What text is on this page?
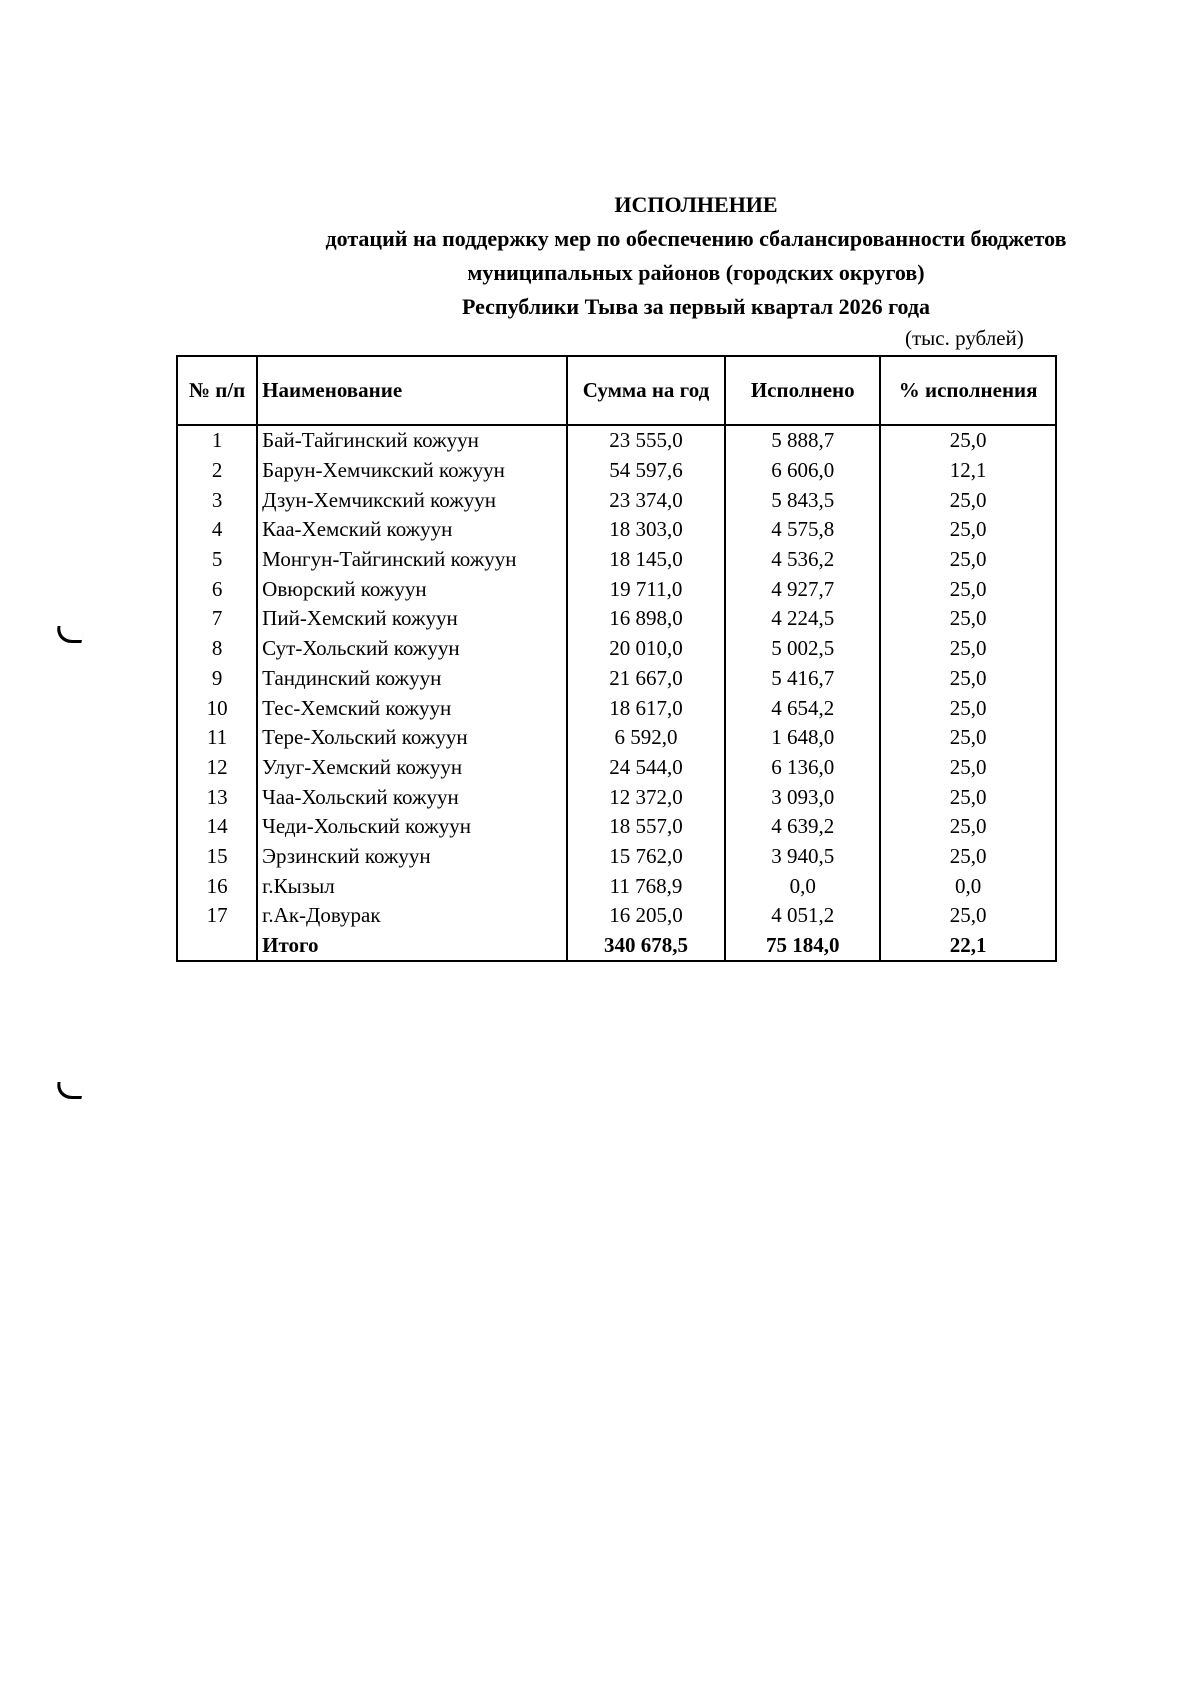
ИСПОЛНЕНИЕ
дотаций на поддержку мер по обеспечению сбалансированности бюджетов
муниципальных районов (городских округов)
Республики Тыва за первый квартал 2026 года
(тыс. рублей)
№ п/п	Наименование	Сумма на год	Исполнено	% исполнения
1	Бай-Тайгинский кожуун	23 555,0	5 888,7	25,0
2	Барун-Хемчикский кожуун	54 597,6	6 606,0	12,1
3	Дзун-Хемчикский кожуун	23 374,0	5 843,5	25,0
4	Каа-Хемский кожуун	18 303,0	4 575,8	25,0
5	Монгун-Тайгинский кожуун	18 145,0	4 536,2	25,0
6	Овюрский кожуун	19 711,0	4 927,7	25,0
7	Пий-Хемский кожуун	16 898,0	4 224,5	25,0
8	Сут-Хольский кожуун	20 010,0	5 002,5	25,0
9	Тандинский кожуун	21 667,0	5 416,7	25,0
10	Тес-Хемский кожуун	18 617,0	4 654,2	25,0
11	Тере-Хольский кожуун	6 592,0	1 648,0	25,0
12	Улуг-Хемский кожуун	24 544,0	6 136,0	25,0
13	Чаа-Хольский кожуун	12 372,0	3 093,0	25,0
14	Чеди-Хольский кожуун	18 557,0	4 639,2	25,0
15	Эрзинский кожуун	15 762,0	3 940,5	25,0
16	г.Кызыл	11 768,9	0,0	0,0
17	г.Ак-Довурак	16 205,0	4 051,2	25,0
	Итого	340 678,5	75 184,0	22,1
